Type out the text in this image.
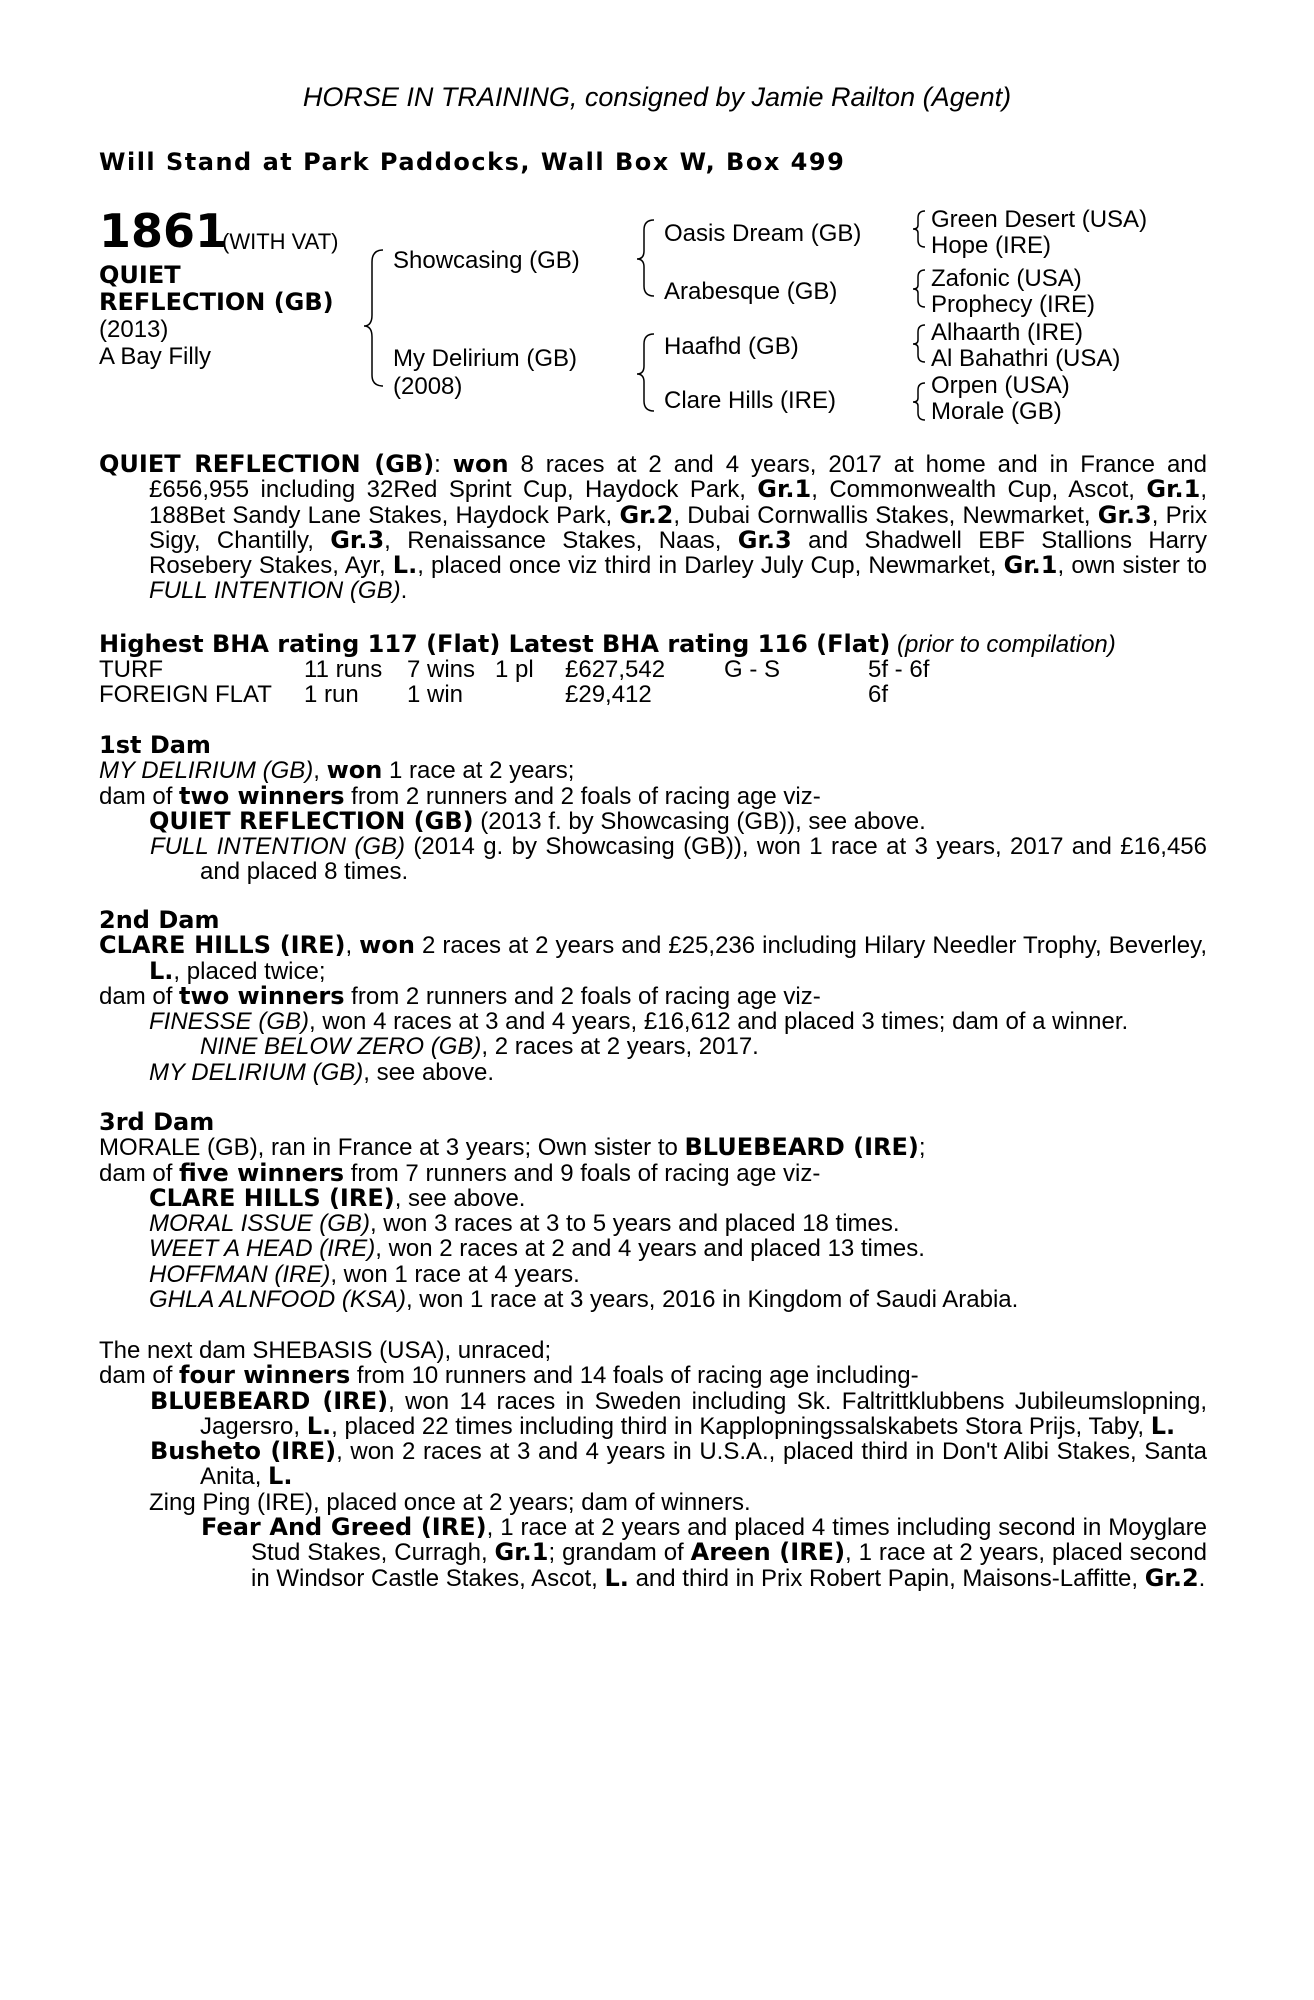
HORSE IN TRAINING, consigned by Jamie Railton (Agent)
Will Stand at Park Paddocks, Wall Box W, Box 499
1861
(WITH VAT)
QUIET
REFLECTION (GB)
(2013)
A Bay Filly
Showcasing (GB)
My Delirium (GB)
(2008)
Oasis Dream (GB)
Arabesque (GB)
Haafhd (GB)
Clare Hills (IRE)
Green Desert (USA)
Hope (IRE)
Zafonic (USA)
Prophecy (IRE)
Alhaarth (IRE)
Al Bahathri (USA)
Orpen (USA)
Morale (GB)

QUIET REFLECTION (GB): won 8 races at 2 and 4 years, 2017 at home and in France and £656,955 including 32Red Sprint Cup, Haydock Park, Gr.1, Commonwealth Cup, Ascot, Gr.1, 188Bet Sandy Lane Stakes, Haydock Park, Gr.2, Dubai Cornwallis Stakes, Newmarket, Gr.3, Prix Sigy, Chantilly, Gr.3, Renaissance Stakes, Naas, Gr.3 and Shadwell EBF Stallions Harry Rosebery Stakes, Ayr, L., placed once viz third in Darley July Cup, Newmarket, Gr.1, own sister to FULL INTENTION (GB).

Highest BHA rating 117 (Flat) Latest BHA rating 116 (Flat) (prior to compilation)

TURF	11 runs	7 wins	1 pl	£627,542	G - S	5f - 6f
FOREIGN FLAT	1 run	1 win		£29,412		6f

1st Dam

MY DELIRIUM (GB), won 1 race at 2 years;

dam of two winners from 2 runners and 2 foals of racing age viz-

QUIET REFLECTION (GB) (2013 f. by Showcasing (GB)), see above.

FULL INTENTION (GB) (2014 g. by Showcasing (GB)), won 1 race at 3 years, 2017 and £16,456 and placed 8 times.

2nd Dam

CLARE HILLS (IRE), won 2 races at 2 years and £25,236 including Hilary Needler Trophy, Beverley, L., placed twice;

dam of two winners from 2 runners and 2 foals of racing age viz-

FINESSE (GB), won 4 races at 3 and 4 years, £16,612 and placed 3 times; dam of a winner.

NINE BELOW ZERO (GB), 2 races at 2 years, 2017.

MY DELIRIUM (GB), see above.

3rd Dam

MORALE (GB), ran in France at 3 years; Own sister to BLUEBEARD (IRE);

dam of five winners from 7 runners and 9 foals of racing age viz-

CLARE HILLS (IRE), see above.

MORAL ISSUE (GB), won 3 races at 3 to 5 years and placed 18 times.

WEET A HEAD (IRE), won 2 races at 2 and 4 years and placed 13 times.

HOFFMAN (IRE), won 1 race at 4 years.

GHLA ALNFOOD (KSA), won 1 race at 3 years, 2016 in Kingdom of Saudi Arabia.

The next dam SHEBASIS (USA), unraced;

dam of four winners from 10 runners and 14 foals of racing age including-

BLUEBEARD (IRE), won 14 races in Sweden including Sk. Faltrittklubbens Jubileumslopning, Jagersro, L., placed 22 times including third in Kapplopningssalskabets Stora Prijs, Taby, L.

Busheto (IRE), won 2 races at 3 and 4 years in U.S.A., placed third in Don't Alibi Stakes, Santa Anita, L.

Zing Ping (IRE), placed once at 2 years; dam of winners.

Fear And Greed (IRE), 1 race at 2 years and placed 4 times including second in Moyglare Stud Stakes, Curragh, Gr.1; grandam of Areen (IRE), 1 race at 2 years, placed second in Windsor Castle Stakes, Ascot, L. and third in Prix Robert Papin, Maisons-Laffitte, Gr.2.
